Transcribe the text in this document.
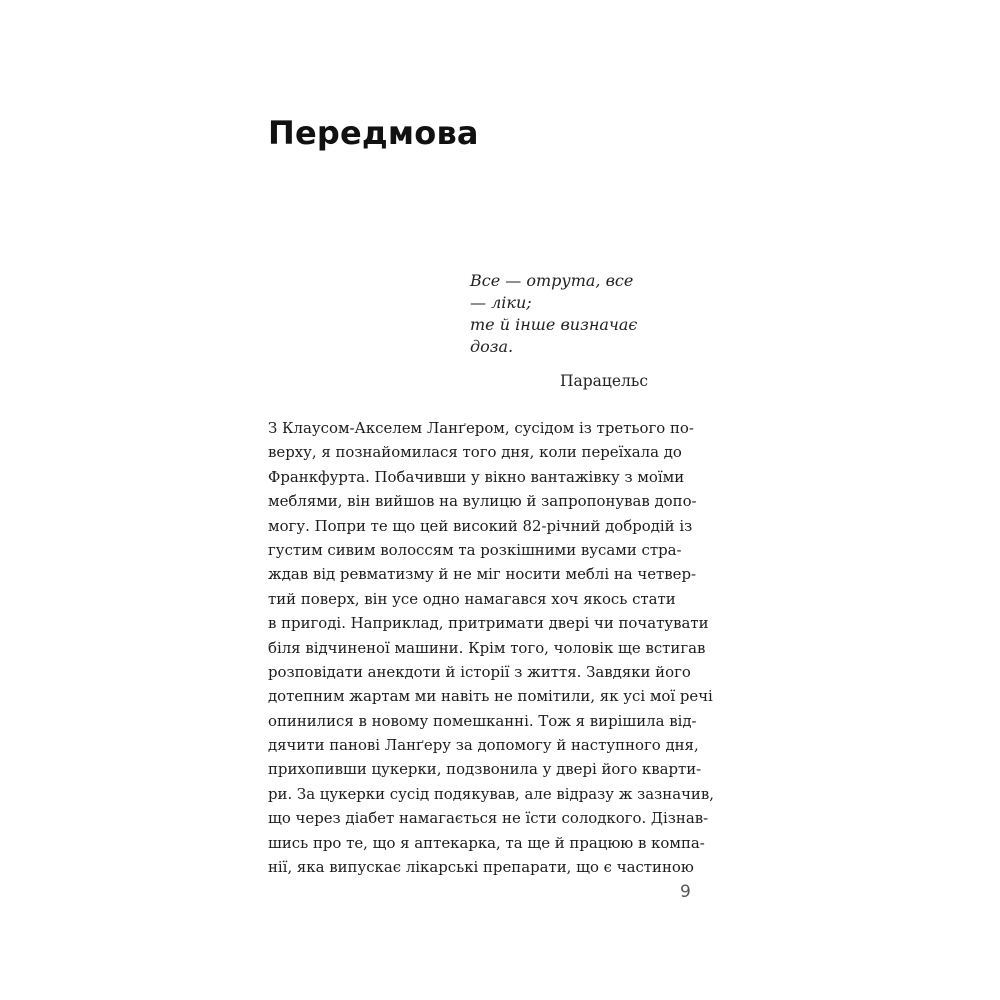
Передмова
Все — отрута, все — ліки;
те й інше визначає доза.
Парацельс
З Клаусом-Акселем Ланґером, сусідом із третього по-
верху, я познайомилася того дня, коли переїхала до
Франкфурта. Побачивши у вікно вантажівку з моїми
меблями, він вийшов на вулицю й запропонував допо-
могу. Попри те що цей високий 82-річний добродій із
густим сивим волоссям та розкішними вусами стра-
ждав від ревматизму й не міг носити меблі на четвер-
тий поверх, він усе одно намагався хоч якось стати
в пригоді. Наприклад, притримати двері чи початувати
біля відчиненої машини. Крім того, чоловік ще встигав
розповідати анекдоти й історії з життя. Завдяки його
дотепним жартам ми навіть не помітили, як усі мої речі
опинилися в новому помешканні. Тож я вирішила від-
дячити панові Ланґеру за допомогу й наступного дня,
прихопивши цукерки, подзвонила у двері його кварти-
ри. За цукерки сусід подякував, але відразу ж зазначив,
що через діабет намагається не їсти солодкого. Дізнав-
шись про те, що я аптекарка, та ще й працюю в компа-
нії, яка випускає лікарські препарати, що є частиною
9
